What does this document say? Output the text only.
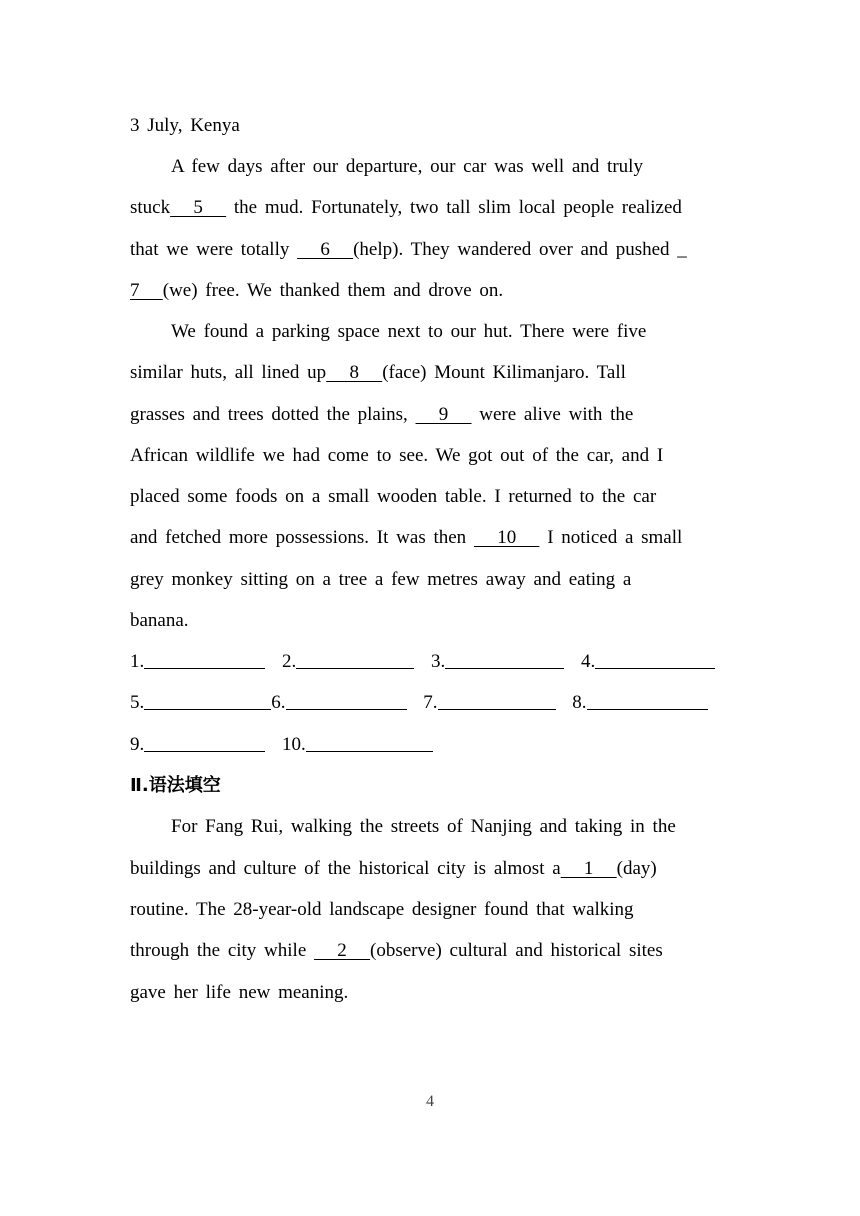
3 July, Kenya
A few days after our departure, our car was well and truly
stuck   5    the mud. Fortunately, two tall slim local people realized
that we were totally    6   (help). They wandered over and pushed _
7   (we) free. We thanked them and drove on.
We found a parking space next to our hut. There were five
similar huts, all lined up   8   (face) Mount Kilimanjaro. Tall
grasses and trees dotted the plains,    9    were alive with the
African wildlife we had come to see. We got out of the car, and I
placed some foods on a small wooden table. I returned to the car
and fetched more possessions. It was then    10    I noticed a small
grey monkey sitting on a tree a few metres away and eating a
banana.
1.	2.	3.	4.
5.	6.	7.	8.
9.	10.
Ⅱ.语法填空
For Fang Rui, walking the streets of Nanjing and taking in the
buildings and culture of the historical city is almost a   1   (day)
routine. The 28-year-old landscape designer found that walking
through the city while    2   (observe) cultural and historical sites
gave her life new meaning.
4
